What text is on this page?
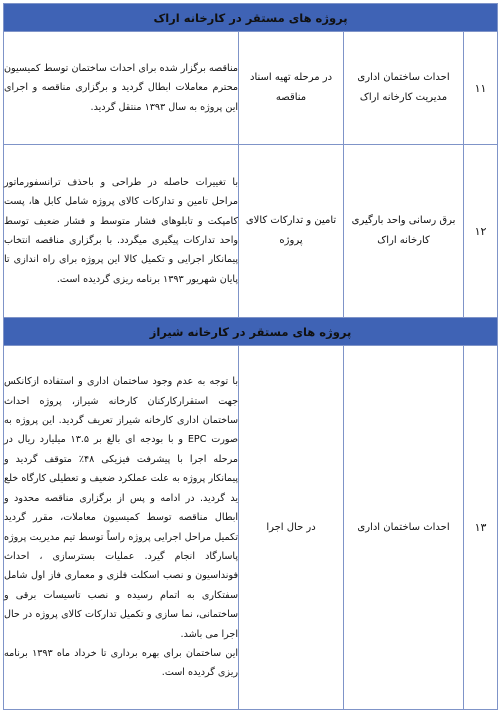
پروژه های مستقر در کارخانه اراک			
۱۱	احداث ساختمان اداری مدیریت کارخانه اراک	در مرحله تهیه اسناد مناقصه	مناقصه برگزار شده برای احداث ساختمان توسط کمیسیون محترم معاملات ابطال گردید و برگزاری مناقصه و اجرای این پروژه به سال ۱۳۹۳ منتقل گردید.
۱۲	برق رسانی واحد بارگیری کارخانه اراک	تامین و تدارکات کالای پروژه	با تغییرات حاصله در طراحی و باحذف ترانسفورماتور مراحل تامین و تدارکات کالای پروژه شامل کابل ها، پست کامپکت و تابلوهای فشار متوسط و فشار ضعیف توسط واحد تدارکات پیگیری میگردد. با برگزاری مناقصه انتخاب پیمانکار اجرایی و تکمیل کالا این پروژه برای راه اندازی تا پایان شهریور ۱۳۹۳ برنامه ریزی گردیده است.
پروژه های مستقر در کارخانه شیراز			
۱۳	احداث ساختمان اداری	در حال اجرا	با توجه به عدم وجود ساختمان اداری و استفاده ازکانکس جهت استقرارکارکنان کارخانه شیراز، پروژه احداث ساختمان اداری کارخانه شیراز تعریف گردید. این پروژه به صورت EPC و با بودجه ای بالغ بر ۱۳.۵ میلیارد ریال در مرحله اجرا با پیشرفت فیزیکی ۴۸٪ متوقف گردید و پیمانکار پروژه به علت عملکرد ضعیف و تعطیلی کارگاه خلع ید گردید. در ادامه و پس از برگزاری مناقصه محدود و ابطال مناقصه توسط کمیسیون معاملات، مقرر گردید تکمیل مراحل اجرایی پروژه راساً توسط تیم مدیریت پروژه پاسارگاد انجام گیرد. عملیات بسترسازی ، احداث فونداسیون و نصب اسکلت فلزی و معماری فاز اول شامل سفتکاری به اتمام رسیده و نصب تاسیسات برقی و ساختمانی، نما سازی و تکمیل تدارکات کالای پروژه در حال اجرا می باشد.
این ساختمان برای بهره برداری تا خرداد ماه ۱۳۹۳ برنامه ریزی گردیده است.
